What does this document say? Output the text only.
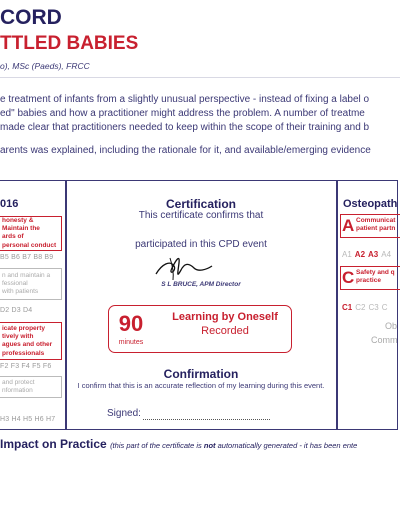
CORD
TTLED BABIES
o), MSc (Paeds), FRCC
e treatment of infants from a slightly unusual perspective - instead of fixing a label o
ed" babies and how a practitioner might address the problem. A number of treatme
made clear that practitioners needed to keep within the scope of their training and b
arents was explained, including the rationale for it, and available/emerging evidence
016
honesty &
Maintain the
ards of
personal conduct
B5 B6 B7 B8 B9
n and maintain a
fessional
with patients
D2 D3 D4
icate property
tively with
agues and other
professionals
F2 F3 F4 F5 F6
and protect
nformation
H3 H4 H5 H6 H7
Certification
This certificate confirms that
participated in this CPD event
S L BRUCE, APM Director
90
minutes
Learning by Oneself
Recorded
Confirmation
I confirm that this is an accurate reflection of my learning during this event.
Signed:
Osteopath
A Communicat
patient partn
A1 A2 A3 A4
C Safety and q
practice
C1 C2 C3 C
Ob
Comm
Impact on Practice (this part of the certificate is not automatically generated - it has been ente
